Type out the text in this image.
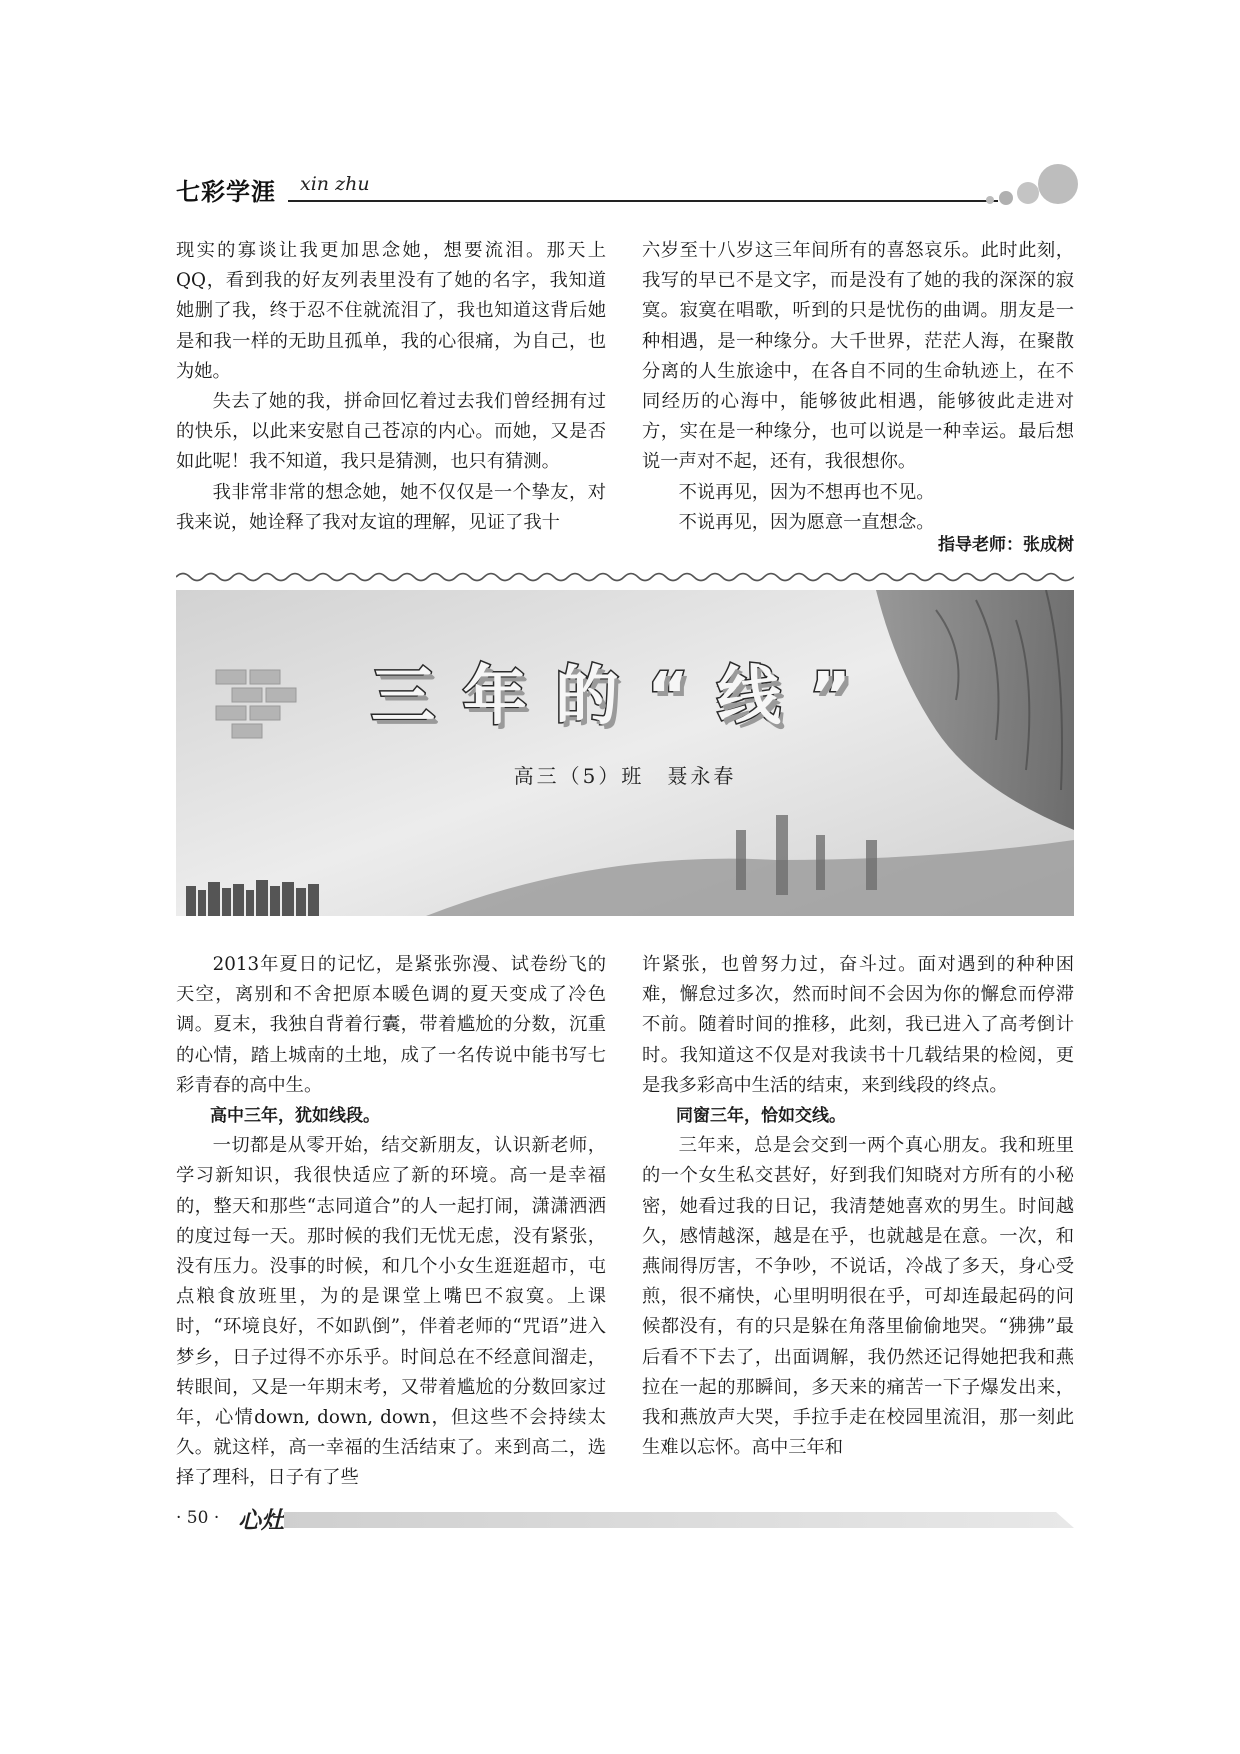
七彩学涯 xin zhu

现实的寡谈让我更加思念她，想要流泪。那天上QQ，看到我的好友列表里没有了她的名字，我知道她删了我，终于忍不住就流泪了，我也知道这背后她是和我一样的无助且孤单，我的心很痛，为自己，也为她。

失去了她的我，拼命回忆着过去我们曾经拥有过的快乐，以此来安慰自己苍凉的内心。而她，又是否如此呢！我不知道，我只是猜测，也只有猜测。

我非常非常的想念她，她不仅仅是一个挚友，对我来说，她诠释了我对友谊的理解，见证了我十

六岁至十八岁这三年间所有的喜怒哀乐。此时此刻，我写的早已不是文字，而是没有了她的我的深深的寂寞。寂寞在唱歌，听到的只是忧伤的曲调。朋友是一种相遇，是一种缘分。大千世界，茫茫人海，在聚散分离的人生旅途中，在各自不同的生命轨迹上，在不同经历的心海中，能够彼此相遇，能够彼此走进对方，实在是一种缘分，也可以说是一种幸运。最后想说一声对不起，还有，我很想你。

不说再见，因为不想再也不见。

不说再见，因为愿意一直想念。

指导老师：张成树
三年的“线”
高三（5）班　聂永春

2013年夏日的记忆，是紧张弥漫、试卷纷飞的天空，离别和不舍把原本暖色调的夏天变成了冷色调。夏末，我独自背着行囊，带着尴尬的分数，沉重的心情，踏上城南的土地，成了一名传说中能书写七彩青春的高中生。

高中三年，犹如线段。

一切都是从零开始，结交新朋友，认识新老师，学习新知识，我很快适应了新的环境。高一是幸福的，整天和那些“志同道合”的人一起打闹，潇潇洒洒的度过每一天。那时候的我们无忧无虑，没有紧张，没有压力。没事的时候，和几个小女生逛逛超市，屯点粮食放班里，为的是课堂上嘴巴不寂寞。上课时，“环境良好，不如趴倒”，伴着老师的“咒语”进入梦乡，日子过得不亦乐乎。时间总在不经意间溜走，转眼间，又是一年期末考，又带着尴尬的分数回家过年，心情down, down, down，但这些不会持续太久。就这样，高一幸福的生活结束了。来到高二，选择了理科，日子有了些

许紧张，也曾努力过，奋斗过。面对遇到的种种困难，懈怠过多次，然而时间不会因为你的懈怠而停滞不前。随着时间的推移，此刻，我已进入了高考倒计时。我知道这不仅是对我读书十几载结果的检阅，更是我多彩高中生活的结束，来到线段的终点。

同窗三年，恰如交线。

三年来，总是会交到一两个真心朋友。我和班里的一个女生私交甚好，好到我们知晓对方所有的小秘密，她看过我的日记，我清楚她喜欢的男生。时间越久，感情越深，越是在乎，也就越是在意。一次，和燕闹得厉害，不争吵，不说话，冷战了多天，身心受煎，很不痛快，心里明明很在乎，可却连最起码的问候都没有，有的只是躲在角落里偷偷地哭。“狒狒”最后看不下去了，出面调解，我仍然还记得她把我和燕拉在一起的那瞬间，多天来的痛苦一下子爆发出来，我和燕放声大哭，手拉手走在校园里流泪，那一刻此生难以忘怀。高中三年和

· 50 · 心灶
